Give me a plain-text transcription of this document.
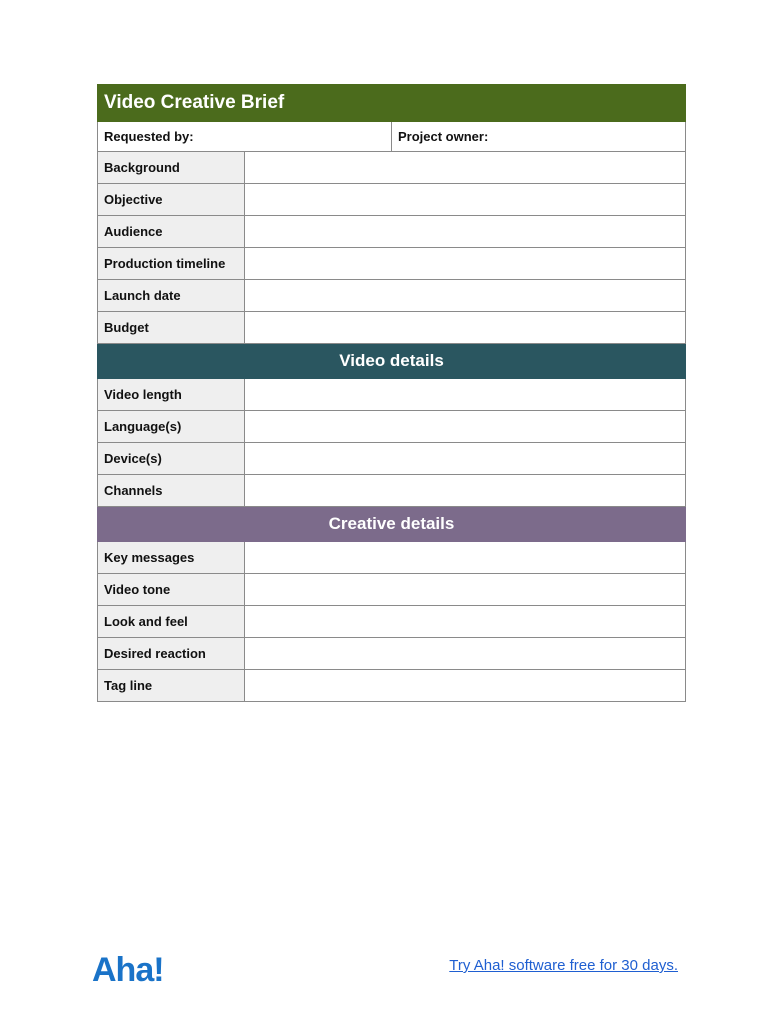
Video Creative Brief		
Requested by:		Project owner:
Background		
Objective		
Audience		
Production timeline		
Launch date		
Budget		
Video details		
Video length		
Language(s)		
Device(s)		
Channels		
Creative details		
Key messages		
Video tone		
Look and feel		
Desired reaction		
Tag line		
Aha!	Try Aha! software free for 30 days.
